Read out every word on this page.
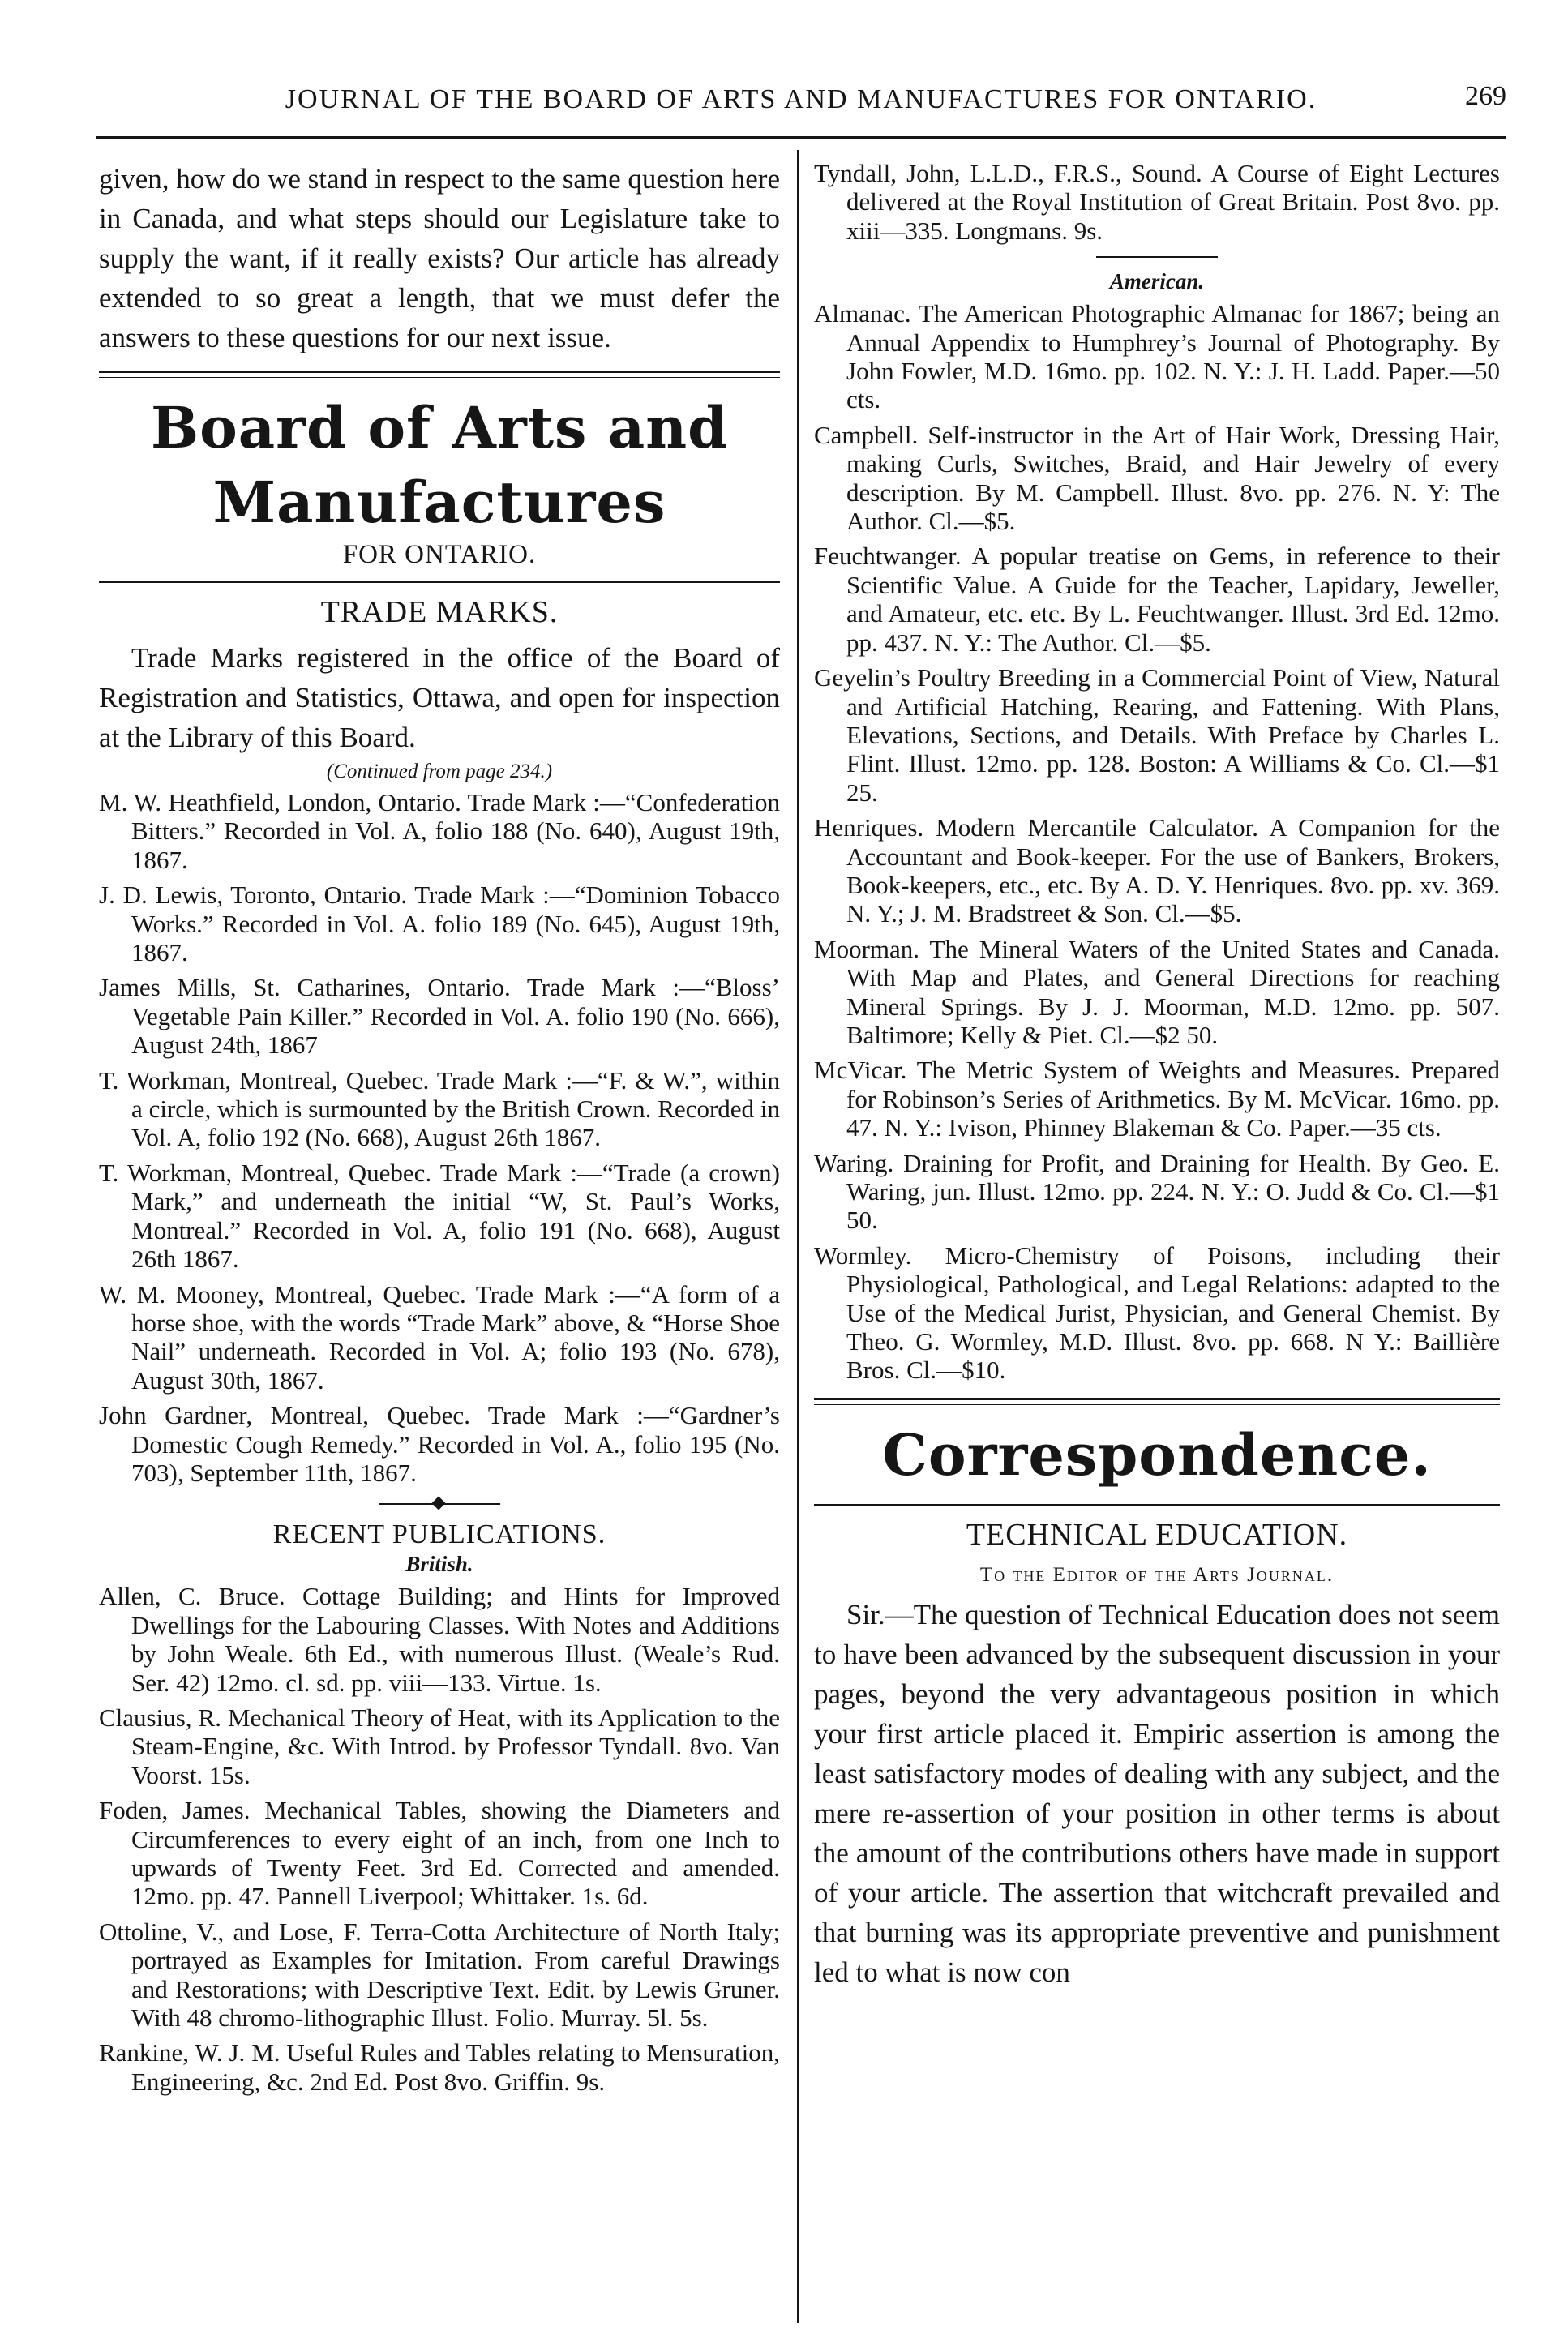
JOURNAL OF THE BOARD OF ARTS AND MANUFACTURES FOR ONTARIO.	269

given, how do we stand in respect to the same question here in Canada, and what steps should our Legislature take to supply the want, if it really exists? Our article has already extended to so great a length, that we must defer the answers to these questions for our next issue.

Board of Arts and Manufactures
FOR ONTARIO.
TRADE MARKS.

Trade Marks registered in the office of the Board of Registration and Statistics, Ottawa, and open for inspection at the Library of this Board.

(Continued from page 234.)

M. W. Heathfield, London, Ontario. Trade Mark :—“Confederation Bitters.” Recorded in Vol. A, folio 188 (No. 640), August 19th, 1867.

J. D. Lewis, Toronto, Ontario. Trade Mark :—“Dominion Tobacco Works.” Recorded in Vol. A. folio 189 (No. 645), August 19th, 1867.

James Mills, St. Catharines, Ontario. Trade Mark :—“Bloss’ Vegetable Pain Killer.” Recorded in Vol. A. folio 190 (No. 666), August 24th, 1867

T. Workman, Montreal, Quebec. Trade Mark :—“F. & W.”, within a circle, which is surmounted by the British Crown. Recorded in Vol. A, folio 192 (No. 668), August 26th 1867.

T. Workman, Montreal, Quebec. Trade Mark :—“Trade (a crown) Mark,” and underneath the initial “W, St. Paul’s Works, Montreal.” Recorded in Vol. A, folio 191 (No. 668), August 26th 1867.

W. M. Mooney, Montreal, Quebec. Trade Mark :—“A form of a horse shoe, with the words “Trade Mark” above, & “Horse Shoe Nail” underneath. Recorded in Vol. A; folio 193 (No. 678), August 30th, 1867.

John Gardner, Montreal, Quebec. Trade Mark :—“Gardner’s Domestic Cough Remedy.” Recorded in Vol. A., folio 195 (No. 703), September 11th, 1867.

RECENT PUBLICATIONS.
British.

Allen, C. Bruce. Cottage Building; and Hints for Improved Dwellings for the Labouring Classes. With Notes and Additions by John Weale. 6th Ed., with numerous Illust. (Weale’s Rud. Ser. 42) 12mo. cl. sd. pp. viii—133. Virtue. 1s.

Clausius, R. Mechanical Theory of Heat, with its Application to the Steam-Engine, &c. With Introd. by Professor Tyndall. 8vo. Van Voorst. 15s.

Foden, James. Mechanical Tables, showing the Diameters and Circumferences to every eight of an inch, from one Inch to upwards of Twenty Feet. 3rd Ed. Corrected and amended. 12mo. pp. 47. Pannell Liverpool; Whittaker. 1s. 6d.

Ottoline, V., and Lose, F. Terra-Cotta Architecture of North Italy; portrayed as Examples for Imitation. From careful Drawings and Restorations; with Descriptive Text. Edit. by Lewis Gruner. With 48 chromo-lithographic Illust. Folio. Murray. 5l. 5s.

Rankine, W. J. M. Useful Rules and Tables relating to Mensuration, Engineering, &c. 2nd Ed. Post 8vo. Griffin. 9s.

Tyndall, John, L.L.D., F.R.S., Sound. A Course of Eight Lectures delivered at the Royal Institution of Great Britain. Post 8vo. pp. xiii—335. Longmans. 9s.

American.

Almanac. The American Photographic Almanac for 1867; being an Annual Appendix to Humphrey’s Journal of Photography. By John Fowler, M.D. 16mo. pp. 102. N. Y.: J. H. Ladd. Paper.—50 cts.

Campbell. Self-instructor in the Art of Hair Work, Dressing Hair, making Curls, Switches, Braid, and Hair Jewelry of every description. By M. Campbell. Illust. 8vo. pp. 276. N. Y: The Author. Cl.—$5.

Feuchtwanger. A popular treatise on Gems, in reference to their Scientific Value. A Guide for the Teacher, Lapidary, Jeweller, and Amateur, etc. etc. By L. Feuchtwanger. Illust. 3rd Ed. 12mo. pp. 437. N. Y.: The Author. Cl.—$5.

Geyelin’s Poultry Breeding in a Commercial Point of View, Natural and Artificial Hatching, Rearing, and Fattening. With Plans, Elevations, Sections, and Details. With Preface by Charles L. Flint. Illust. 12mo. pp. 128. Boston: A Williams & Co. Cl.—$1 25.

Henriques. Modern Mercantile Calculator. A Companion for the Accountant and Book-keeper. For the use of Bankers, Brokers, Book-keepers, etc., etc. By A. D. Y. Henriques. 8vo. pp. xv. 369. N. Y.; J. M. Bradstreet & Son. Cl.—$5.

Moorman. The Mineral Waters of the United States and Canada. With Map and Plates, and General Directions for reaching Mineral Springs. By J. J. Moorman, M.D. 12mo. pp. 507. Baltimore; Kelly & Piet. Cl.—$2 50.

McVicar. The Metric System of Weights and Measures. Prepared for Robinson’s Series of Arithmetics. By M. McVicar. 16mo. pp. 47. N. Y.: Ivison, Phinney Blakeman & Co. Paper.—35 cts.

Waring. Draining for Profit, and Draining for Health. By Geo. E. Waring, jun. Illust. 12mo. pp. 224. N. Y.: O. Judd & Co. Cl.—$1 50.

Wormley. Micro-Chemistry of Poisons, including their Physiological, Pathological, and Legal Relations: adapted to the Use of the Medical Jurist, Physician, and General Chemist. By Theo. G. Wormley, M.D. Illust. 8vo. pp. 668. N Y.: Baillière Bros. Cl.—$10.

Correspondence.
TECHNICAL EDUCATION.
To the Editor of the Arts Journal.

Sir.—The question of Technical Education does not seem to have been advanced by the subsequent discussion in your pages, beyond the very advantageous position in which your first article placed it. Empiric assertion is among the least satisfactory modes of dealing with any subject, and the mere re-assertion of your position in other terms is about the amount of the contributions others have made in support of your article. The assertion that witchcraft prevailed and that burning was its appropriate preventive and punishment led to what is now con
